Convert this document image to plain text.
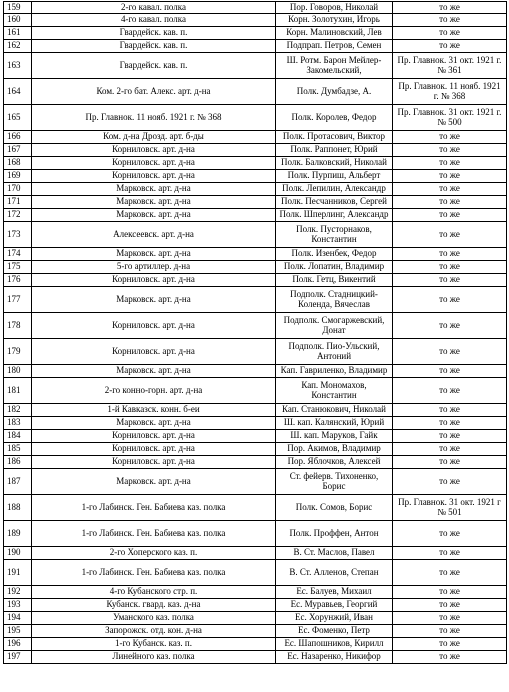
159	2-го кавал. полка	Пор. Говоров, Николай	то же
160	4-го кавал. полка	Корн. Золотухин, Игорь	то же
161	Гвардейск. кав. п.	Корн. Малиновский, Лев	то же
162	Гвардейск. кав. п.	Подпрап. Петров, Семен	то же
163	Гвардейск. кав. п.	Ш. Ротм. Барон Мейлер-Закомельский,	Пр. Главнок. 31 окт. 1921 г. № 361
164	Ком. 2-го бат. Алекс. арт. д-на	Полк. Думбадзе, А.	Пр. Главнок. 11 нояб. 1921 г. № 368
165	Пр. Главнок. 11 нояб. 1921 г. № 368	Полк. Королев, Федор	Пр. Главнок. 31 окт. 1921 г. № 500
166	Ком. д-на Дрозд. арт. б-ды	Полк. Протасович, Виктор	то же
167	Корниловск. арт. д-на	Полк. Раппонет, Юрий	то же
168	Корниловск. арт. д-на	Полк. Балковский, Николай	то же
169	Корниловск. арт. д-на	Полк. Пурпиш, Альберт	то же
170	Марковск. арт. д-на	Полк. Лепилин, Александр	то же
171	Марковск. арт. д-на	Полк. Песчанников, Сергей	то же
172	Марковск. арт. д-на	Полк. Шперлинг, Александр	то же
173	Алексеевск. арт. д-на	Полк. Пусторнаков, Константин	то же
174	Марковск. арт. д-на	Полк. Изенбек, Федор	то же
175	5-го артиллер. д-на	Полк. Лопатин, Владимир	то же
176	Корниловск. арт. д-на	Полк. Гетц, Викентий	то же
177	Марковск. арт. д-на	Подполк. Стадницкий-Коленда, Вячеслав	то же
178	Корниловск. арт. д-на	Подполк. Смогаржевский, Донат	то же
179	Корниловск. арт. д-на	Подполк. Пио-Ульский, Антоний	то же
180	Марковск. арт. д-на	Кап. Гавриленко, Владимир	то же
181	2-го конно-горн. арт. д-на	Кап. Мономахов, Константин	то же
182	1-й Кавказск. конн. б-еи	Кап. Станюкович, Николай	то же
183	Марковск. арт. д-на	Ш. кап. Калянский, Юрий	то же
184	Корниловск. арт. д-на	Ш. кап. Маруков, Гайк	то же
185	Корниловск. арт. д-на	Пор. Акимов, Владимир	то же
186	Корниловск. арт. д-на	Пор. Яблочков, Алексей	то же
187	Марковск. арт. д-на	Ст. фейерв. Тихоненко, Борис	то же
188	1-го Лабинск. Ген. Бабиева каз. полка	Полк. Сомов, Борис	Пр. Главнок. 31 окт. 1921 г № 501
189	1-го Лабинск. Ген. Бабиева каз. полка	Полк. Проффен, Антон	то же
190	2-го Хоперского каз. п.	В. Ст. Маслов, Павел	то же
191	1-го Лабинск. Ген. Бабиева каз. полка	В. Ст. Алленов, Степан	то же
192	4-го Кубанского стр. п.	Ес. Балуев, Михаил	то же
193	Кубанск. гвард. каз. д-на	Ес. Муравьев, Георгий	то же
194	Уманского каз. полка	Ес. Хорунжий, Иван	то же
195	Запорожск. отд. кон. д-на	Ес. Фоменко, Петр	то же
196	1-го Кубанск. каз. п.	Ес. Шапошников, Кирилл	то же
197	Линейного каз. полка	Ес. Назаренко, Никифор	то же
